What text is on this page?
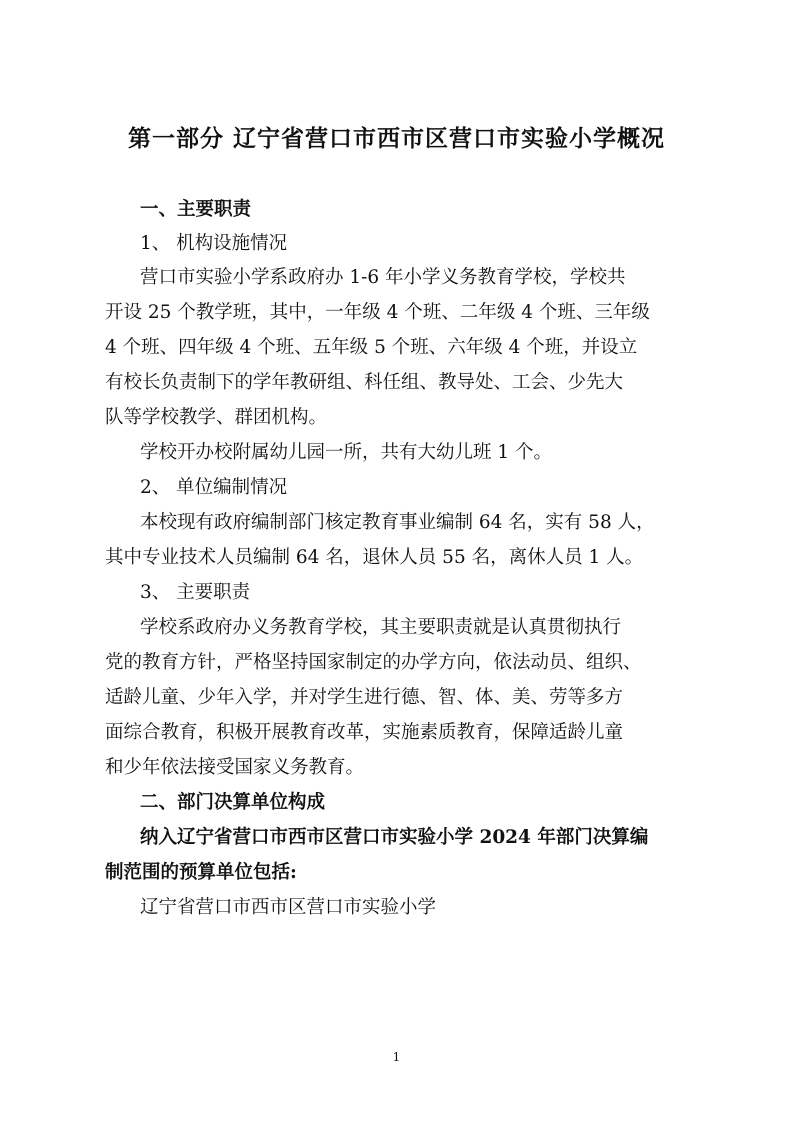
第一部分 辽宁省营口市西市区营口市实验小学概况
一、主要职责
1、 机构设施情况
营口市实验小学系政府办 1-6 年小学义务教育学校，学校共
开设 25 个教学班，其中，一年级 4 个班、二年级 4 个班、三年级
4 个班、四年级 4 个班、五年级 5 个班、六年级 4 个班，并设立
有校长负责制下的学年教研组、科任组、教导处、工会、少先大
队等学校教学、群团机构。
学校开办校附属幼儿园一所，共有大幼儿班 1 个。
2、 单位编制情况
本校现有政府编制部门核定教育事业编制 64 名，实有 58 人，
其中专业技术人员编制 64 名，退休人员 55 名，离休人员 1 人。
3、 主要职责
学校系政府办义务教育学校，其主要职责就是认真贯彻执行
党的教育方针，严格坚持国家制定的办学方向，依法动员、组织、
适龄儿童、少年入学，并对学生进行德、智、体、美、劳等多方
面综合教育，积极开展教育改革，实施素质教育，保障适龄儿童
和少年依法接受国家义务教育。
二、部门决算单位构成
纳入辽宁省营口市西市区营口市实验小学 2024 年部门决算编
制范围的预算单位包括:
辽宁省营口市西市区营口市实验小学
1
